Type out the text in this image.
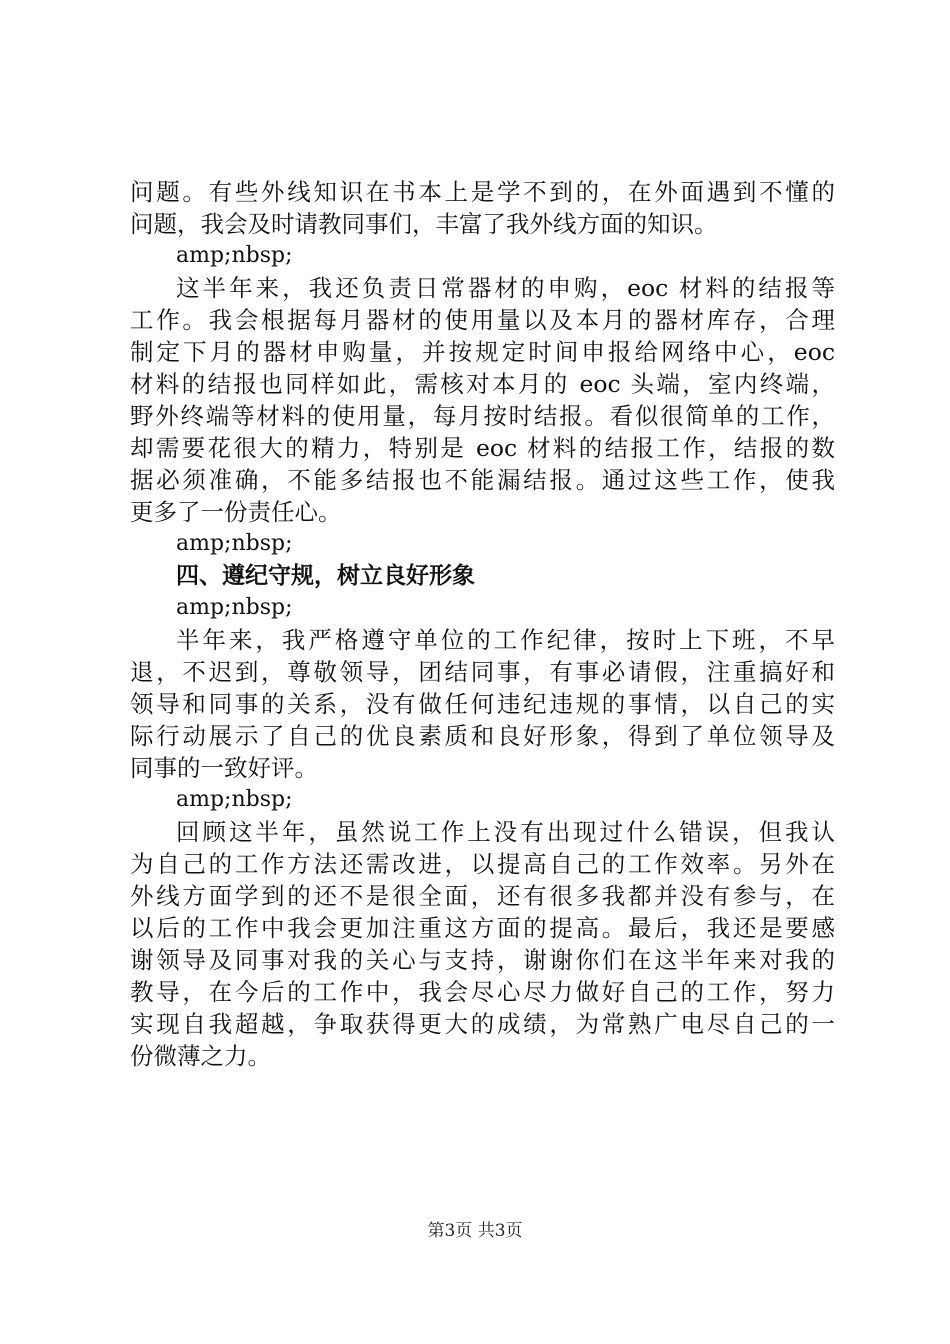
问题。有些外线知识在书本上是学不到的，在外面遇到不懂的
问题，我会及时请教同事们，丰富了我外线方面的知识。
amp;nbsp;
这半年来，我还负责日常器材的申购，eoc 材料的结报等
工作。我会根据每月器材的使用量以及本月的器材库存，合理
制定下月的器材申购量，并按规定时间申报给网络中心，eoc
材料的结报也同样如此，需核对本月的 eoc 头端，室内终端，
野外终端等材料的使用量，每月按时结报。看似很简单的工作，
却需要花很大的精力，特别是 eoc 材料的结报工作，结报的数
据必须准确，不能多结报也不能漏结报。通过这些工作，使我
更多了一份责任心。
amp;nbsp;
四、遵纪守规，树立良好形象
amp;nbsp;
半年来，我严格遵守单位的工作纪律，按时上下班，不早
退，不迟到，尊敬领导，团结同事，有事必请假，注重搞好和
领导和同事的关系，没有做任何违纪违规的事情，以自己的实
际行动展示了自己的优良素质和良好形象，得到了单位领导及
同事的一致好评。
amp;nbsp;
回顾这半年，虽然说工作上没有出现过什么错误，但我认
为自己的工作方法还需改进，以提高自己的工作效率。另外在
外线方面学到的还不是很全面，还有很多我都并没有参与，在
以后的工作中我会更加注重这方面的提高。最后，我还是要感
谢领导及同事对我的关心与支持，谢谢你们在这半年来对我的
教导，在今后的工作中，我会尽心尽力做好自己的工作，努力
实现自我超越，争取获得更大的成绩，为常熟广电尽自己的一
份微薄之力。
第3页 共3页
